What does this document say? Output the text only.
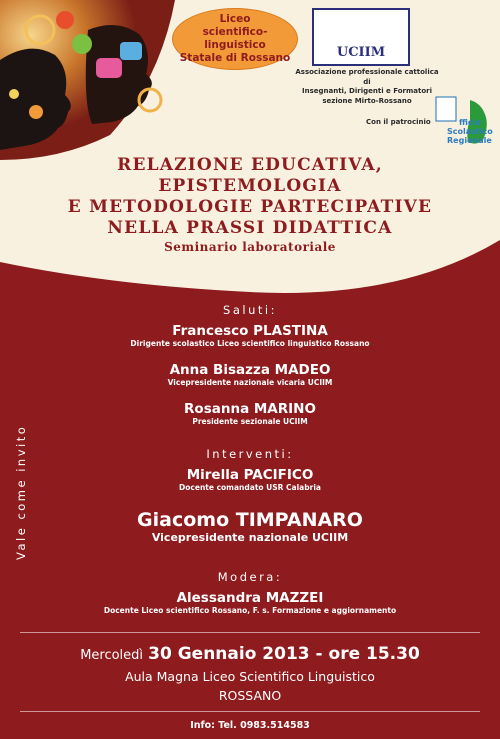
Liceo
scientifico-linguistico
Statale di Rossano	UCIIM
Associazione professionale cattolica di
Insegnanti, Dirigenti e Formatori
sezione Mirto-Rossano
Con il patrocinio	fficio
Scolastico
Regionale
RELAZIONE EDUCATIVA,
EPISTEMOLOGIA
E METODOLOGIE PARTECIPATIVE
NELLA PRASSI DIDATTICA
Seminario laboratoriale
Vale come invito
Saluti:
Francesco PLASTINA
Dirigente scolastico Liceo scientifico linguistico Rossano
Anna Bisazza MADEO
Vicepresidente nazionale vicaria UCIIM
Rosanna MARINO
Presidente sezionale UCIIM
Interventi:
Mirella PACIFICO
Docente comandato USR Calabria
Giacomo TIMPANARO
Vicepresidente nazionale UCIIM
Modera:
Alessandra MAZZEI
Docente Liceo scientifico Rossano, F. s. Formazione e aggiornamento
Mercoledì 30 Gennaio 2013 - ore 15.30
Aula Magna Liceo Scientifico Linguistico
ROSSANO
Info: Tel. 0983.514583
